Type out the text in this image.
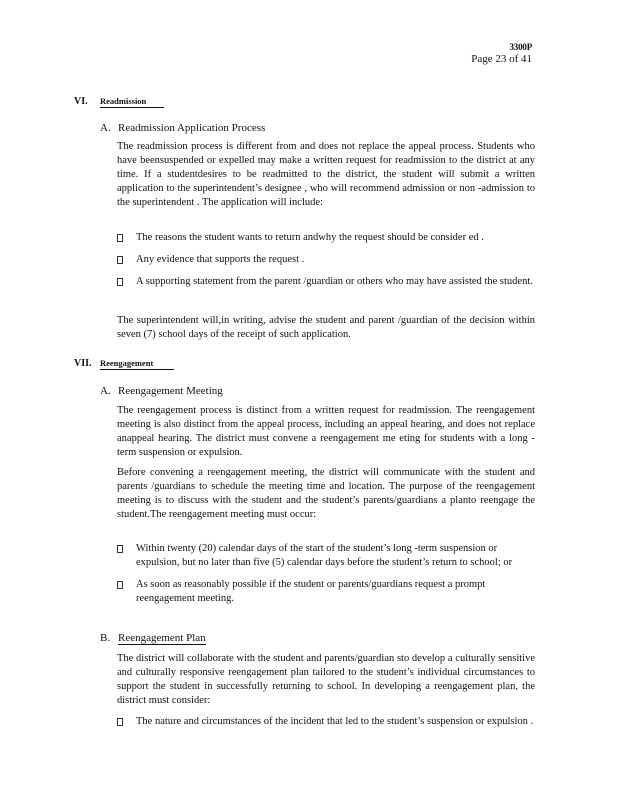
3300P
Page 23 of 41
VI. Readmission
A. Readmission Application Process

The readmission process is different from and does not replace the appeal process. Students who have beensuspended or expelled may make a written request for readmission to the district at any time. If a studentdesires to be readmitted to the district, the student will submit a written application to the superintendent’s designee , who will recommend admission or non -admission to the superintendent . The application will include:

The reasons the student wants to return andwhy the request should be consider ed .
Any evidence that supports the request .
A supporting statement from the parent /guardian or others who may have assisted the student.

The superintendent will,in writing, advise the student and parent /guardian of the decision within seven (7) school days of the receipt of such application.

VII. Reengagement
A. Reengagement Meeting

The reengagement process is distinct from a written request for readmission. The reengagement meeting is also distinct from the appeal process, including an appeal hearing, and does not replace anappeal hearing. The district must convene a reengagement me eting for students with a long -term suspension or expulsion.

Before convening a reengagement meeting, the district will communicate with the student and parents /guardians to schedule the meeting time and location. The purpose of the reengagement meeting is to discuss with the student and the student’s parents/guardians a planto reengage the student.The reengagement meeting must occur:

Within twenty (20) calendar days of the start of the student’s long -term suspension or expulsion, but no later than five (5) calendar days before the student’s return to school; or
As soon as reasonably possible if the student or parents/guardians request a prompt reengagement meeting.
B. Reengagement Plan

The district will collaborate with the student and parents/guardian sto develop a culturally sensitive and culturally responsive reengagement plan tailored to the student’s individual circumstances to support the student in successfully returning to school. In developing a reengagement plan, the district must consider:

The nature and circumstances of the incident that led to the student’s suspension or expulsion .
